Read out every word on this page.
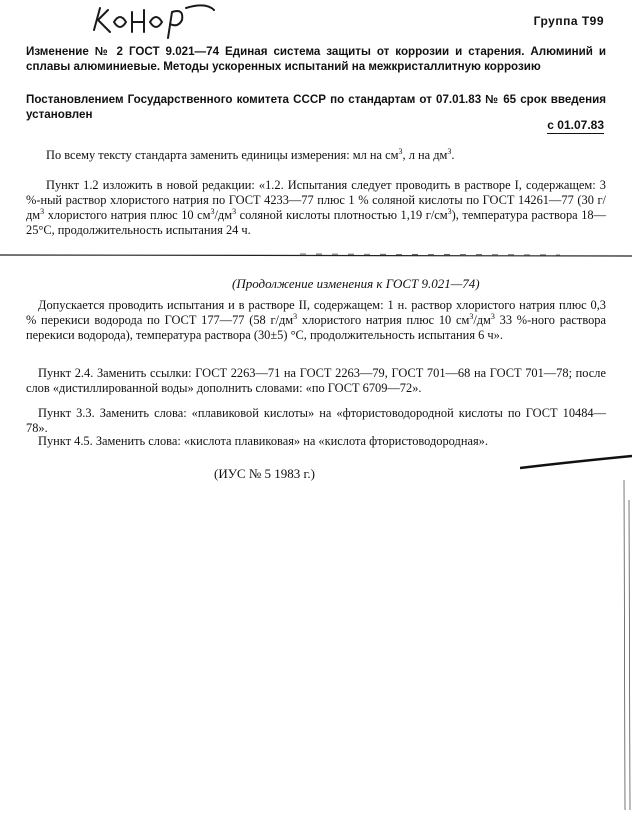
Группа Т99
Изменение № 2 ГОСТ 9.021—74 Единая система защиты от коррозии и старения. Алюминий и сплавы алюминиевые. Методы ускоренных испытаний на межкристаллитную коррозию
Постановлением Государственного комитета СССР по стандартам от 07.01.83 № 65 срок введения установлен
с 01.07.83
По всему тексту стандарта заменить единицы измерения: мл на $см^3$, л на $дм^3$.
Пункт 1.2 изложить в новой редакции: «1.2. Испытания следует проводить в растворе I, содержащем: 3 %-ный раствор хлористого натрия по ГОСТ 4233—77 плюс 1 % соляной кислоты по ГОСТ 14261—77 (30 $г/дм^3$ хлористого натрия плюс 10 $см^3/дм^3$ соляной кислоты плотностью 1,19 $г/см^3$), температура раствора 18—25°С, продолжительность испытания 24 ч.
(Продолжение изменения к ГОСТ 9.021—74)
Допускается проводить испытания и в растворе II, содержащем: 1 н. раствор хлористого натрия плюс 0,3 % перекиси водорода по ГОСТ 177—77 (58 $г/дм^3$ хлористого натрия плюс 10 $см^3/дм^3$ 33 %-ного раствора перекиси водорода), температура раствора (30±5) °С, продолжительность испытания 6 ч».
Пункт 2.4. Заменить ссылки: ГОСТ 2263—71 на ГОСТ 2263—79, ГОСТ 701—68 на ГОСТ 701—78; после слов «дистиллированной воды» дополнить словами: «по ГОСТ 6709—72».
Пункт 3.3. Заменить слова: «плавиковой кислоты» на «фтористоводородной кислоты по ГОСТ 10484—78».
Пункт 4.5. Заменить слова: «кислота плавиковая» на «кислота фтористоводородная».
(ИУС № 5 1983 г.)
